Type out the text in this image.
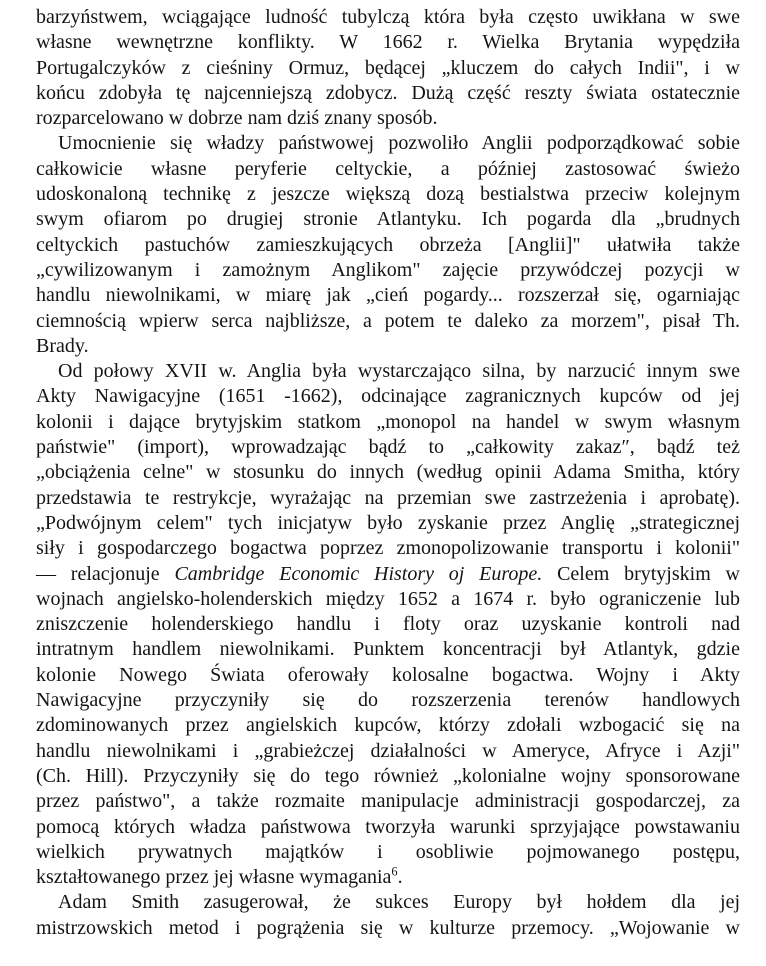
barzyństwem, wciągające ludność tubylczą która była często uwikłana w swe
własne wewnętrzne konflikty. W 1662 r. Wielka Brytania wypędziła
Portugalczyków z cieśniny Ormuz, będącej „kluczem do całych Indii", i w
końcu zdobyła tę najcenniejszą zdobycz. Dużą część reszty świata ostatecznie
rozparcelowano w dobrze nam dziś znany sposób.
Umocnienie się władzy państwowej pozwoliło Anglii podporządkować sobie
całkowicie własne peryferie celtyckie, a później zastosować świeżo
udoskonaloną technikę z jeszcze większą dozą bestialstwa przeciw kolejnym
swym ofiarom po drugiej stronie Atlantyku. Ich pogarda dla „brudnych
celtyckich pastuchów zamieszkujących obrzeża [Anglii]" ułatwiła także
„cywilizowanym i zamożnym Anglikom" zajęcie przywódczej pozycji w
handlu niewolnikami, w miarę jak „cień pogardy... rozszerzał się, ogarniając
ciemnością wpierw serca najbliższe, a potem te daleko za morzem", pisał Th.
Brady.
Od połowy XVII w. Anglia była wystarczająco silna, by narzucić innym swe
Akty Nawigacyjne (1651 -1662), odcinające zagranicznych kupców od jej
kolonii i dające brytyjskim statkom „monopol na handel w swym własnym
państwie" (import), wprowadzając bądź to „całkowity zakaz″, bądź też
„obciążenia celne" w stosunku do innych (według opinii Adama Smitha, który
przedstawia te restrykcje, wyrażając na przemian swe zastrzeżenia i aprobatę).
„Podwójnym celem" tych inicjatyw było zyskanie przez Anglię „strategicznej
siły i gospodarczego bogactwa poprzez zmonopolizowanie transportu i kolonii"
— relacjonuje Cambridge Economic History oj Europe. Celem brytyjskim w
wojnach angielsko-holenderskich między 1652 a 1674 r. było ograniczenie lub
zniszczenie holenderskiego handlu i floty oraz uzyskanie kontroli nad
intratnym handlem niewolnikami. Punktem koncentracji był Atlantyk, gdzie
kolonie Nowego Świata oferowały kolosalne bogactwa. Wojny i Akty
Nawigacyjne przyczyniły się do rozszerzenia terenów handlowych
zdominowanych przez angielskich kupców, którzy zdołali wzbogacić się na
handlu niewolnikami i „grabieżczej działalności w Ameryce, Afryce i Azji"
(Ch. Hill). Przyczyniły się do tego również „kolonialne wojny sponsorowane
przez państwo", a także rozmaite manipulacje administracji gospodarczej, za
pomocą których władza państwowa tworzyła warunki sprzyjające powstawaniu
wielkich prywatnych majątków i osobliwie pojmowanego postępu,
kształtowanego przez jej własne wymagania$^6$.
Adam Smith zasugerował, że sukces Europy był hołdem dla jej
mistrzowskich metod i pogrążenia się w kulturze przemocy. „Wojowanie w
